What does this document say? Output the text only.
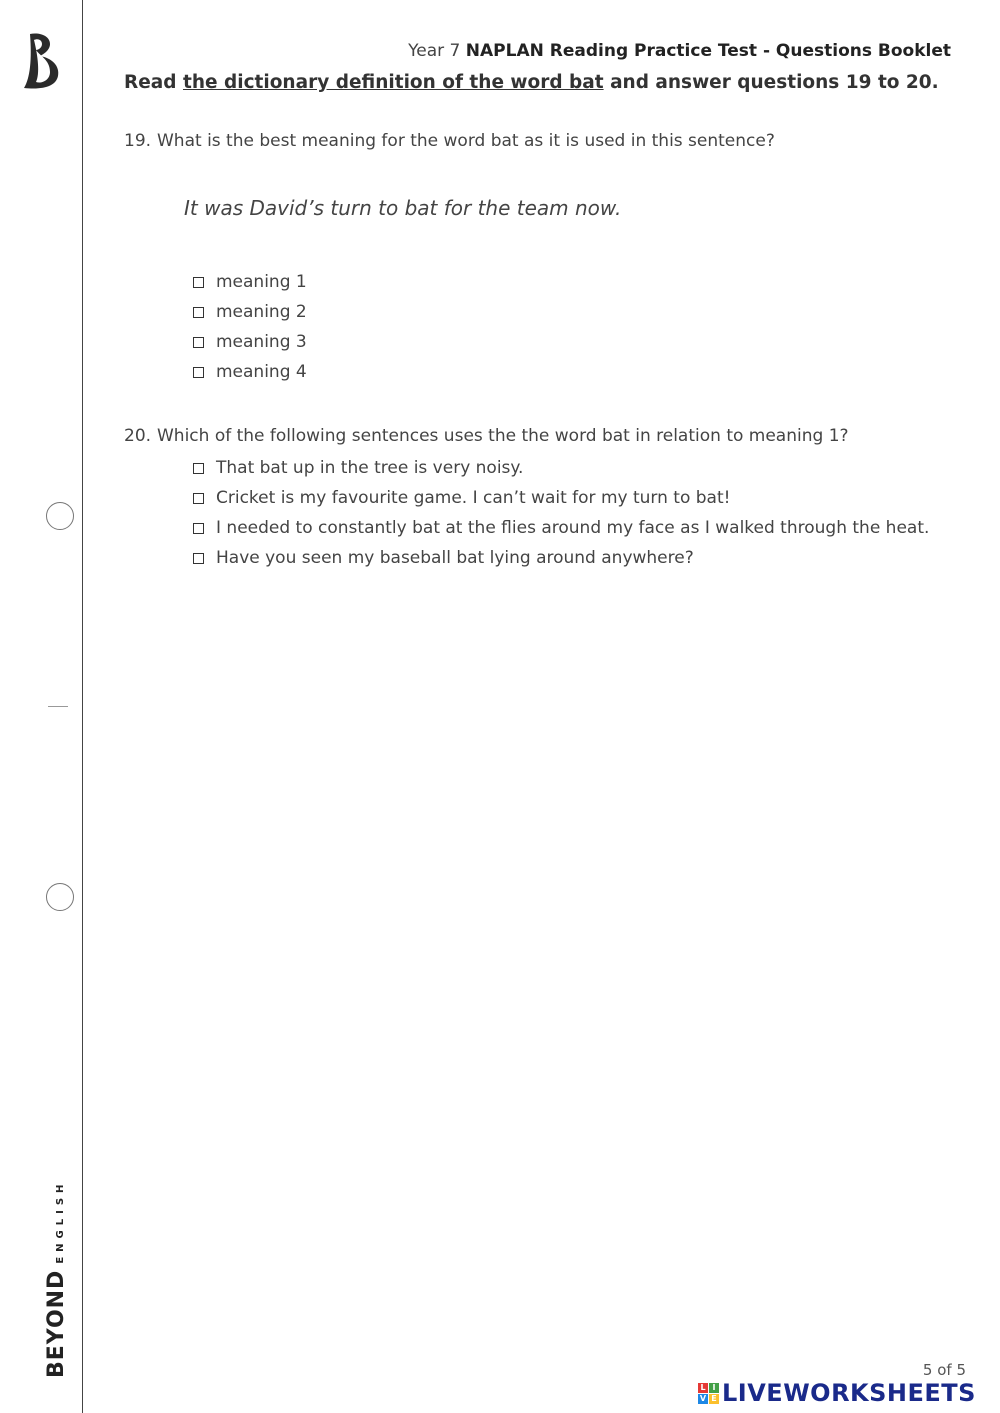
BEYONDENGLISH
Year 7 NAPLAN Reading Practice Test - Questions Booklet
Read the dictionary definition of the word bat and answer questions 19 to 20.
19. What is the best meaning for the word bat as it is used in this sentence?
It was David’s turn to bat for the team now.
meaning 1
meaning 2
meaning 3
meaning 4
20. Which of the following sentences uses the the word bat in relation to meaning 1?
That bat up in the tree is very noisy.
Cricket is my favourite game. I can’t wait for my turn to bat!
I needed to constantly bat at the flies around my face as I walked through the heat.
Have you seen my baseball bat lying around anywhere?
5 of 5
L I
V E LIVEWORKSHEETS
